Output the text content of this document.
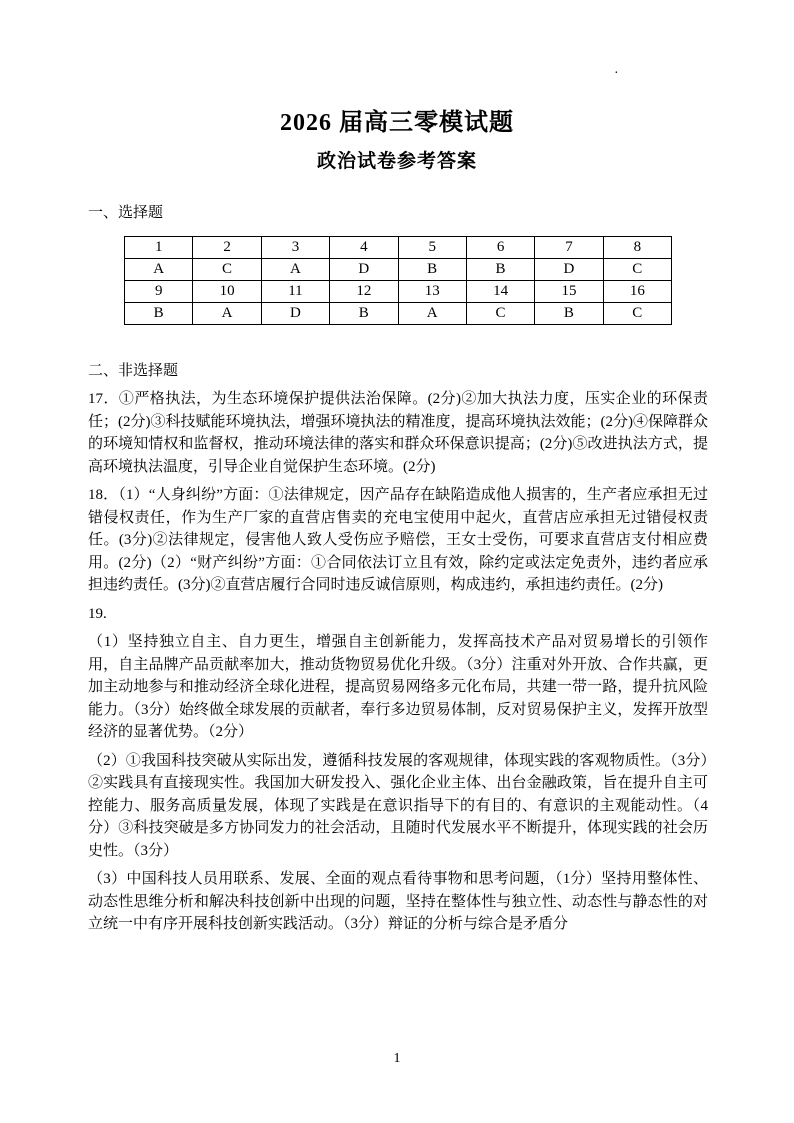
·
2026 届高三零模试题
政治试卷参考答案
一、选择题
1	2	3	4	5	6	7	8
A	C	A	D	B	B	D	C
9	10	11	12	13	14	15	16
B	A	D	B	A	C	B	C
二、非选择题

17．①严格执法，为生态环境保护提供法治保障。(2分)②加大执法力度，压实企业的环保责任；(2分)③科技赋能环境执法，增强环境执法的精准度，提高环境执法效能；(2分)④保障群众的环境知情权和监督权，推动环境法律的落实和群众环保意识提高；(2分)⑤改进执法方式，提高环境执法温度，引导企业自觉保护生态环境。(2分)

18．（1）“人身纠纷”方面：①法律规定，因产品存在缺陷造成他人损害的，生产者应承担无过错侵权责任，作为生产厂家的直营店售卖的充电宝使用中起火，直营店应承担无过错侵权责任。(3分)②法律规定，侵害他人致人受伤应予赔偿，王女士受伤，可要求直营店支付相应费用。(2分)（2）“财产纠纷”方面：①合同依法订立且有效，除约定或法定免责外，违约者应承担违约责任。(3分)②直营店履行合同时违反诚信原则，构成违约，承担违约责任。(2分)

19.

（1）坚持独立自主、自力更生，增强自主创新能力，发挥高技术产品对贸易增长的引领作用，自主品牌产品贡献率加大，推动货物贸易优化升级。（3分）注重对外开放、合作共赢，更加主动地参与和推动经济全球化进程，提高贸易网络多元化布局，共建一带一路，提升抗风险能力。（3分）始终做全球发展的贡献者，奉行多边贸易体制，反对贸易保护主义，发挥开放型经济的显著优势。（2分）

（2）①我国科技突破从实际出发，遵循科技发展的客观规律，体现实践的客观物质性。（3分）②实践具有直接现实性。我国加大研发投入、强化企业主体、出台金融政策，旨在提升自主可控能力、服务高质量发展，体现了实践是在意识指导下的有目的、有意识的主观能动性。（4分）③科技突破是多方协同发力的社会活动，且随时代发展水平不断提升，体现实践的社会历史性。（3分）

（3）中国科技人员用联系、发展、全面的观点看待事物和思考问题，（1分）坚持用整体性、动态性思维分析和解决科技创新中出现的问题，坚持在整体性与独立性、动态性与静态性的对立统一中有序开展科技创新实践活动。（3分）辩证的分析与综合是矛盾分

1
